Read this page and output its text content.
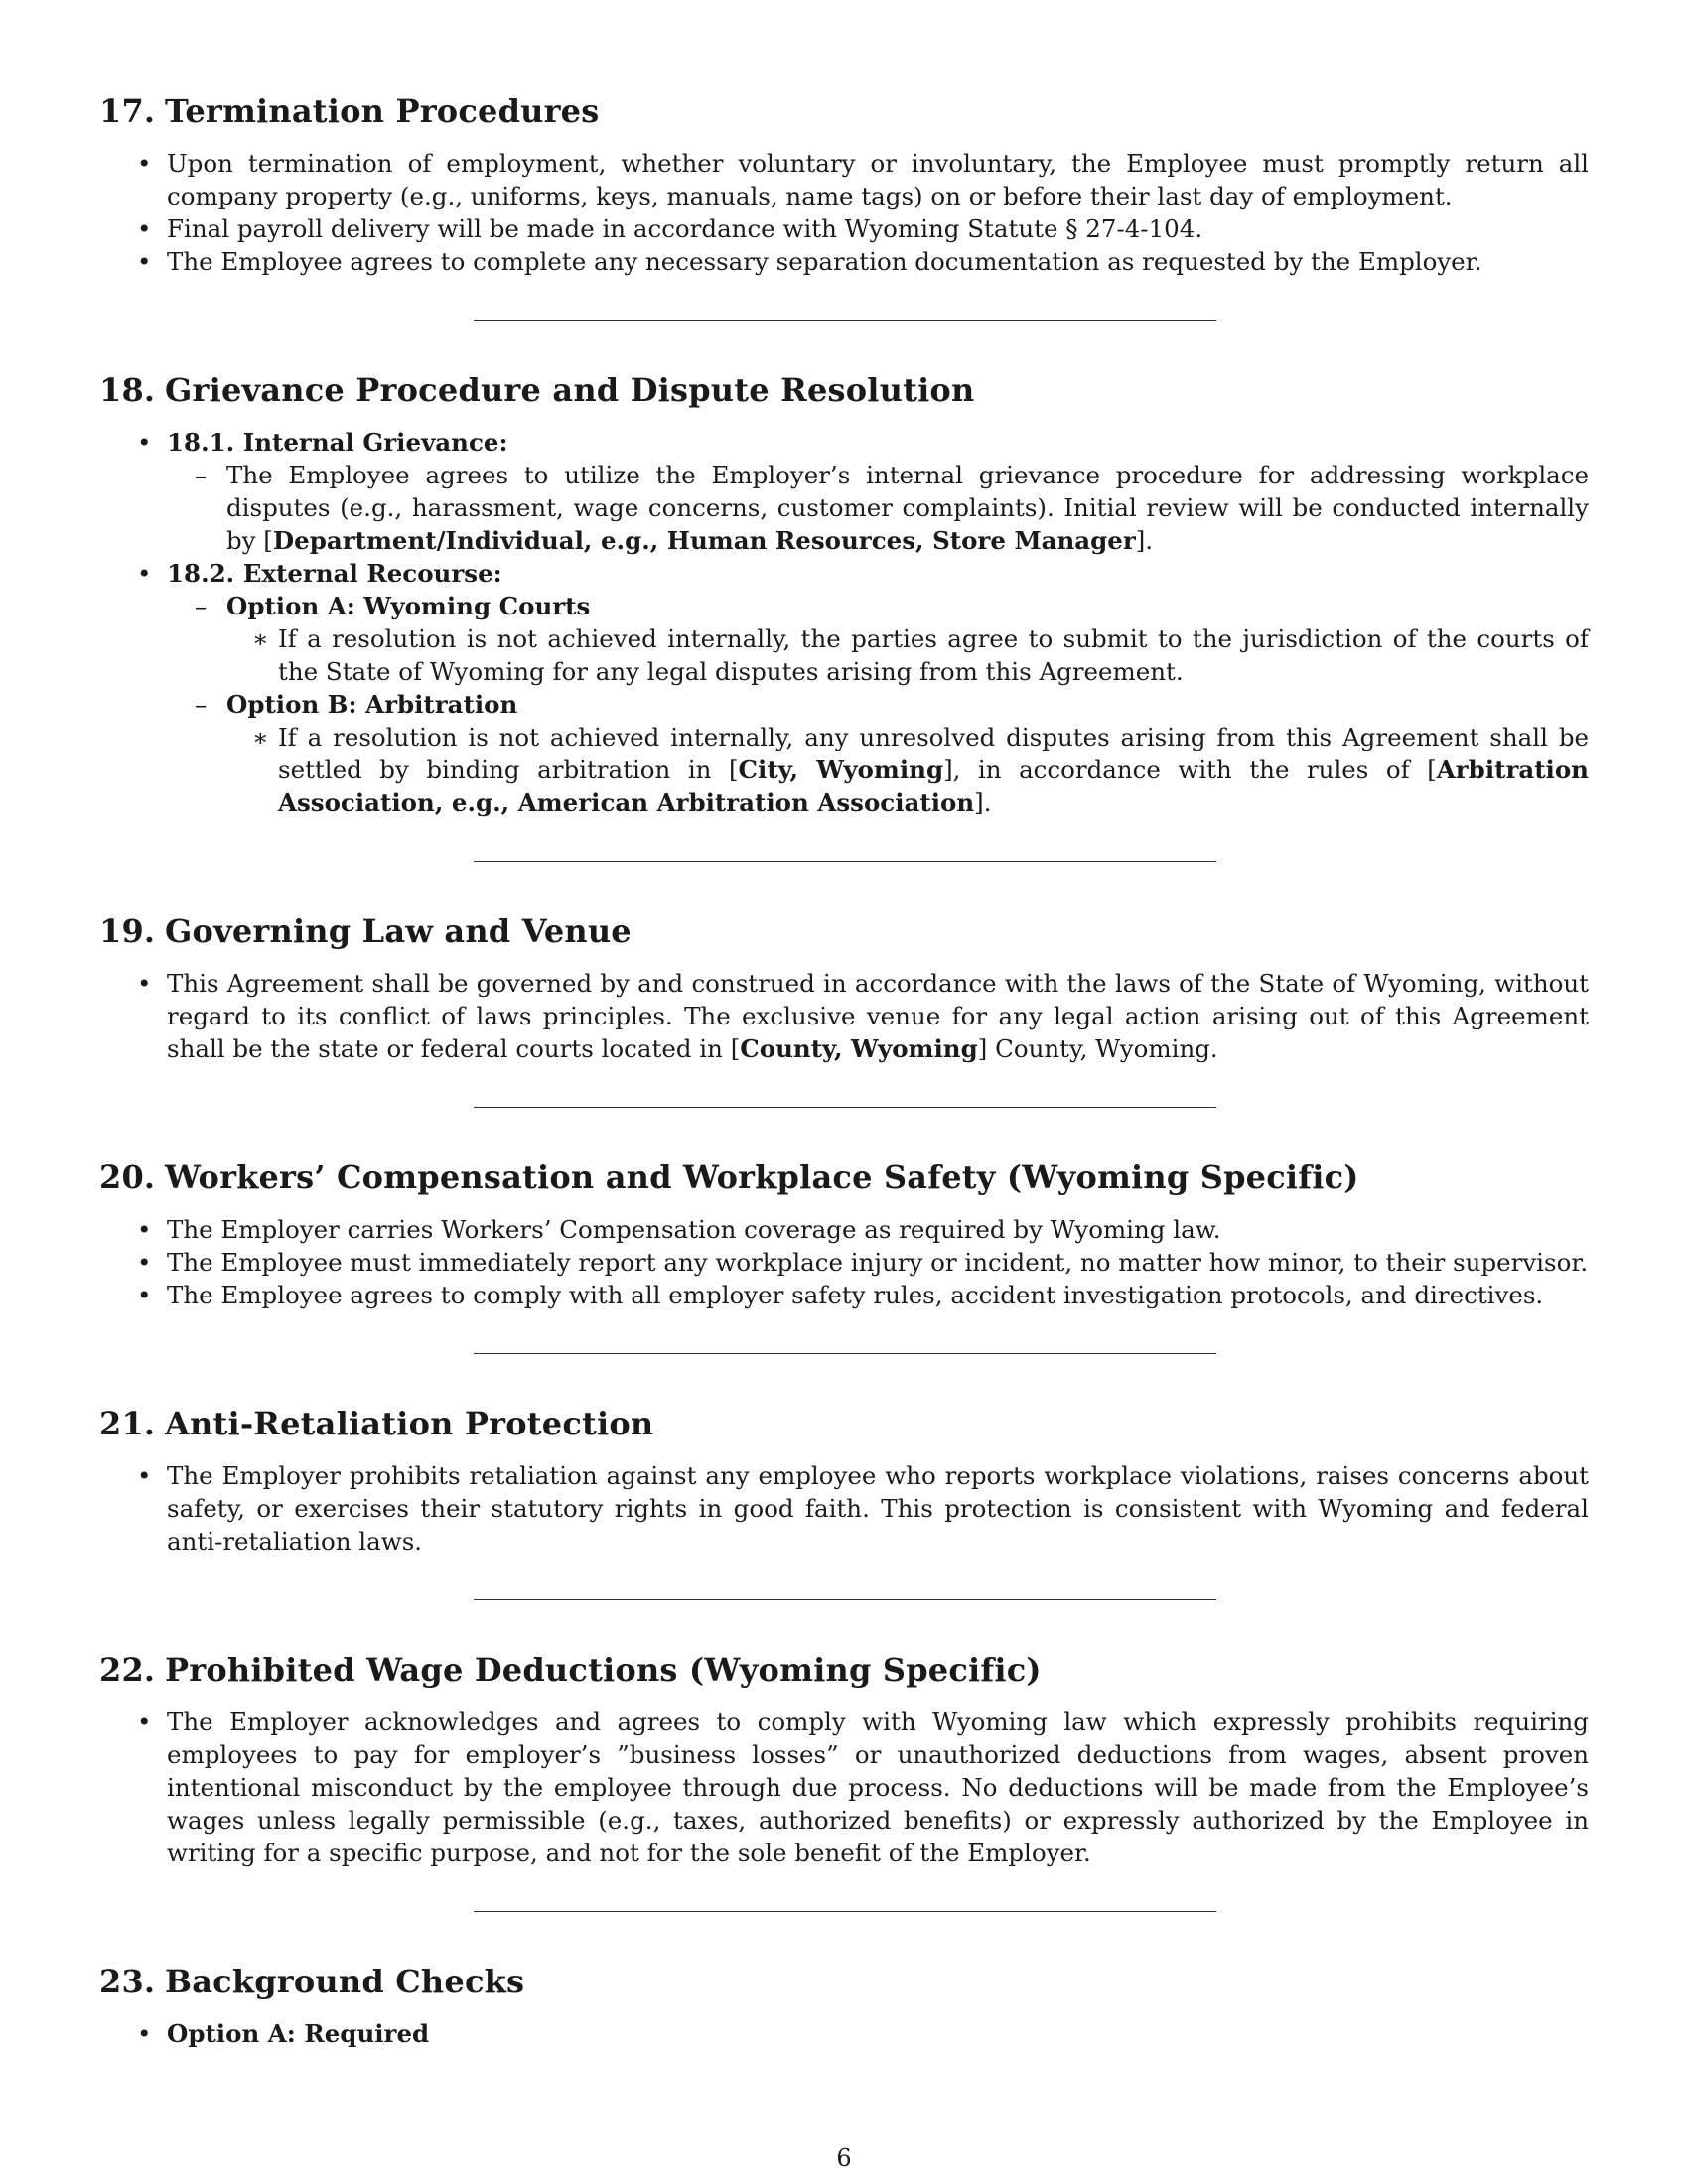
17. Termination Procedures
• Upon termination of employment, whether voluntary or involuntary, the Employee must promptly return all company property (e.g., uniforms, keys, manuals, name tags) on or before their last day of employment.
• Final payroll delivery will be made in accordance with Wyoming Statute § 27-4-104.
• The Employee agrees to complete any necessary separation documentation as requested by the Employer.
18. Grievance Procedure and Dispute Resolution
• 18.1. Internal Grievance:
– The Employee agrees to utilize the Employer’s internal grievance procedure for addressing workplace disputes (e.g., harassment, wage concerns, customer complaints). Initial review will be conducted internally by [Department/Individual, e.g., Human Resources, Store Manager].
• 18.2. External Recourse:
– Option A: Wyoming Courts
∗ If a resolution is not achieved internally, the parties agree to submit to the jurisdiction of the courts of the State of Wyoming for any legal disputes arising from this Agreement.
– Option B: Arbitration
∗ If a resolution is not achieved internally, any unresolved disputes arising from this Agreement shall be settled by binding arbitration in [City, Wyoming], in accordance with the rules of [Arbitration Association, e.g., American Arbitration Association].
19. Governing Law and Venue
• This Agreement shall be governed by and construed in accordance with the laws of the State of Wyoming, without regard to its conflict of laws principles. The exclusive venue for any legal action arising out of this Agreement shall be the state or federal courts located in [County, Wyoming] County, Wyoming.
20. Workers’ Compensation and Workplace Safety (Wyoming Specific)
• The Employer carries Workers’ Compensation coverage as required by Wyoming law.
• The Employee must immediately report any workplace injury or incident, no matter how minor, to their supervisor.
• The Employee agrees to comply with all employer safety rules, accident investigation protocols, and directives.
21. Anti-Retaliation Protection
• The Employer prohibits retaliation against any employee who reports workplace violations, raises concerns about safety, or exercises their statutory rights in good faith. This protection is consistent with Wyoming and federal anti-retaliation laws.
22. Prohibited Wage Deductions (Wyoming Specific)
• The Employer acknowledges and agrees to comply with Wyoming law which expressly prohibits requiring employees to pay for employer’s ”business losses” or unauthorized deductions from wages, absent proven intentional misconduct by the employee through due process. No deductions will be made from the Employee’s wages unless legally permissible (e.g., taxes, authorized benefits) or expressly authorized by the Employee in writing for a specific purpose, and not for the sole benefit of the Employer.
23. Background Checks
• Option A: Required
6
